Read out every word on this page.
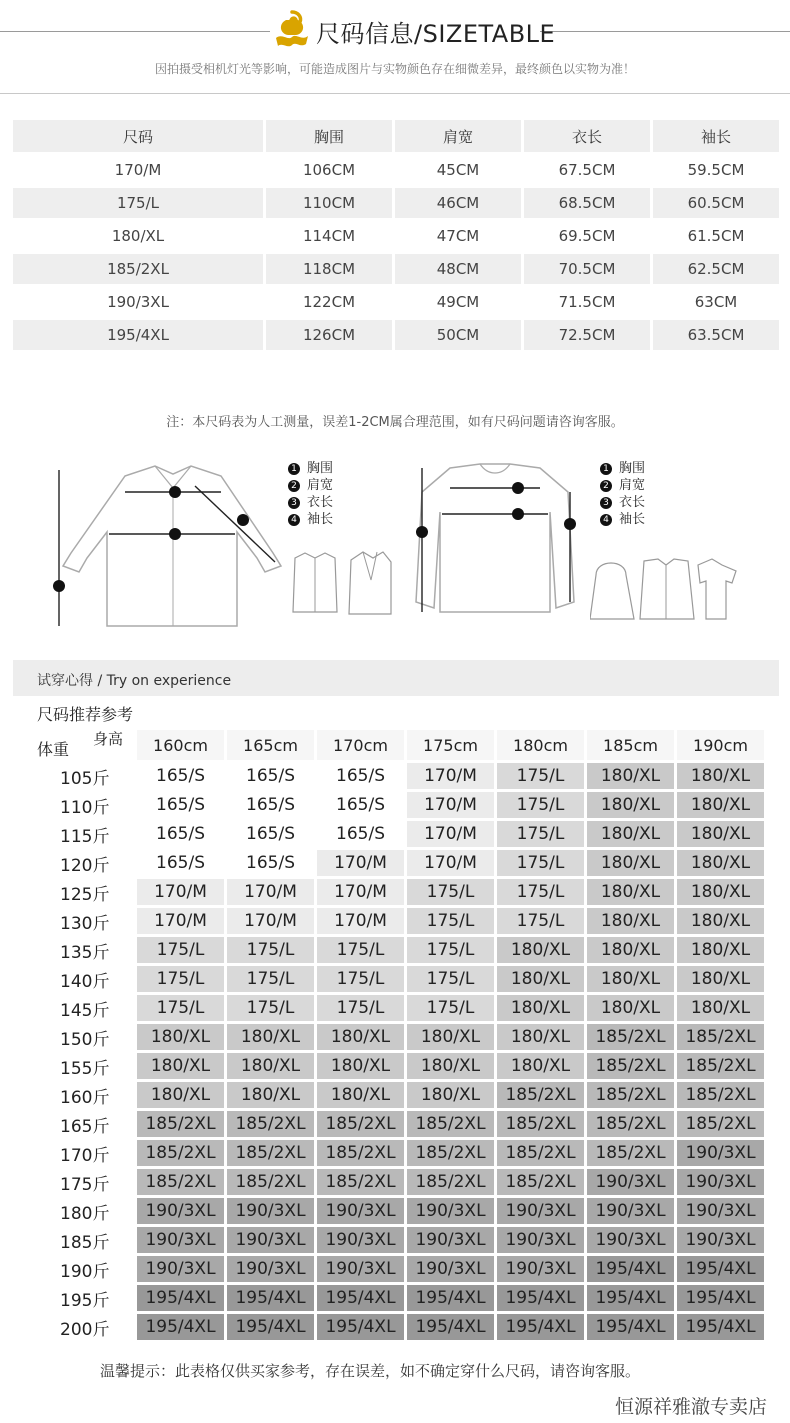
尺码信息/SIZETABLE
因拍摄受相机灯光等影响，可能造成图片与实物颜色存在细微差异，最终颜色以实物为准！
尺码	胸围	肩宽	衣长	袖长
170/M	106CM	45CM	67.5CM	59.5CM
175/L	110CM	46CM	68.5CM	60.5CM
180/XL	114CM	47CM	69.5CM	61.5CM
185/2XL	118CM	48CM	70.5CM	62.5CM
190/3XL	122CM	49CM	71.5CM	63CM
195/4XL	126CM	50CM	72.5CM	63.5CM

注：本尺码表为人工测量，误差1-2CM属合理范围，如有尺码问题请咨询客服。
1 胸围
2 肩宽
3 衣长
4 袖长
1 胸围
2 肩宽
3 衣长
4 袖长
试穿心得 / Try on experience
尺码推荐参考
身高
体重
		160cm	165cm	170cm	175cm	180cm	185cm	190cm
105斤	165/S	165/S	165/S	170/M	175/L	180/XL	180/XL
110斤	165/S	165/S	165/S	170/M	175/L	180/XL	180/XL
115斤	165/S	165/S	165/S	170/M	175/L	180/XL	180/XL
120斤	165/S	165/S	170/M	170/M	175/L	180/XL	180/XL
125斤	170/M	170/M	170/M	175/L	175/L	180/XL	180/XL
130斤	170/M	170/M	170/M	175/L	175/L	180/XL	180/XL
135斤	175/L	175/L	175/L	175/L	180/XL	180/XL	180/XL
140斤	175/L	175/L	175/L	175/L	180/XL	180/XL	180/XL
145斤	175/L	175/L	175/L	175/L	180/XL	180/XL	180/XL
150斤	180/XL	180/XL	180/XL	180/XL	180/XL	185/2XL	185/2XL
155斤	180/XL	180/XL	180/XL	180/XL	180/XL	185/2XL	185/2XL
160斤	180/XL	180/XL	180/XL	180/XL	185/2XL	185/2XL	185/2XL
165斤	185/2XL	185/2XL	185/2XL	185/2XL	185/2XL	185/2XL	185/2XL
170斤	185/2XL	185/2XL	185/2XL	185/2XL	185/2XL	185/2XL	190/3XL
175斤	185/2XL	185/2XL	185/2XL	185/2XL	185/2XL	190/3XL	190/3XL
180斤	190/3XL	190/3XL	190/3XL	190/3XL	190/3XL	190/3XL	190/3XL
185斤	190/3XL	190/3XL	190/3XL	190/3XL	190/3XL	190/3XL	190/3XL
190斤	190/3XL	190/3XL	190/3XL	190/3XL	190/3XL	195/4XL	195/4XL
195斤	195/4XL	195/4XL	195/4XL	195/4XL	195/4XL	195/4XL	195/4XL
200斤	195/4XL	195/4XL	195/4XL	195/4XL	195/4XL	195/4XL	195/4XL
温馨提示：此表格仅供买家参考，存在误差，如不确定穿什么尺码，请咨询客服。
恒源祥雅澈专卖店
